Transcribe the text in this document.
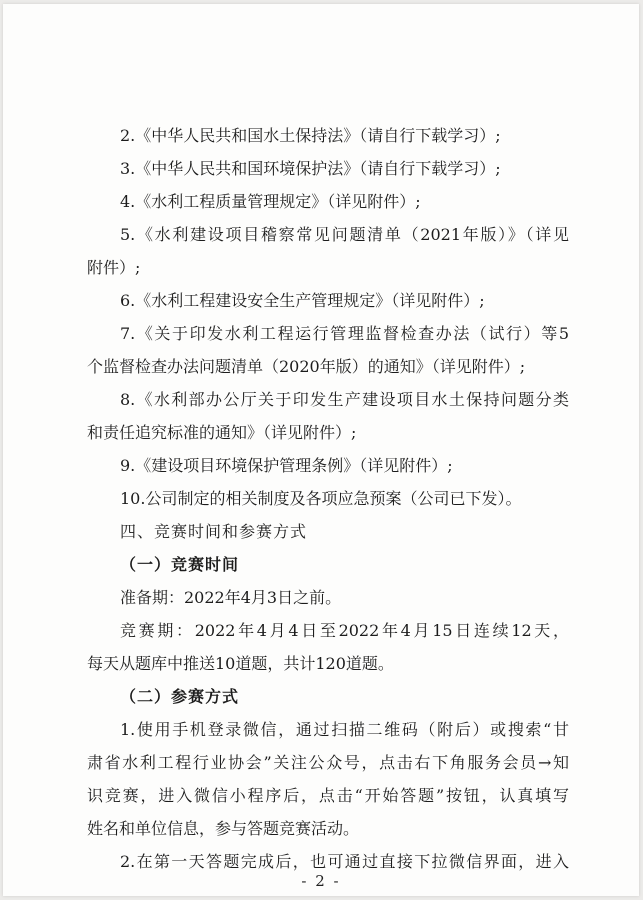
2.《中华人民共和国水土保持法》（请自行下载学习）;
3.《中华人民共和国环境保护法》（请自行下载学习）;
4.《水利工程质量管理规定》（详见附件）;
5.《水利建设项目稽察常见问题清单（2021年版）》（详见
附件）;
6.《水利工程建设安全生产管理规定》（详见附件）;
7.《关于印发水利工程运行管理监督检查办法（试行）等5
个监督检查办法问题清单（2020年版）的通知》（详见附件）;
8.《水利部办公厅关于印发生产建设项目水土保持问题分类
和责任追究标准的通知》（详见附件）;
9.《建设项目环境保护管理条例》（详见附件）;
10.公司制定的相关制度及各项应急预案（公司已下发）。
四、竞赛时间和参赛方式
（一）竞赛时间
准备期：2022年4月3日之前。
竞赛期：2022年4月4日至2022年4月15日连续12天，
每天从题库中推送10道题，共计120道题。
（二）参赛方式
1.使用手机登录微信，通过扫描二维码（附后）或搜索“甘
肃省水利工程行业协会”关注公众号，点击右下角服务会员→知
识竞赛，进入微信小程序后，点击“开始答题”按钮，认真填写
姓名和单位信息，参与答题竞赛活动。
2.在第一天答题完成后，也可通过直接下拉微信界面，进入
- 2 -
